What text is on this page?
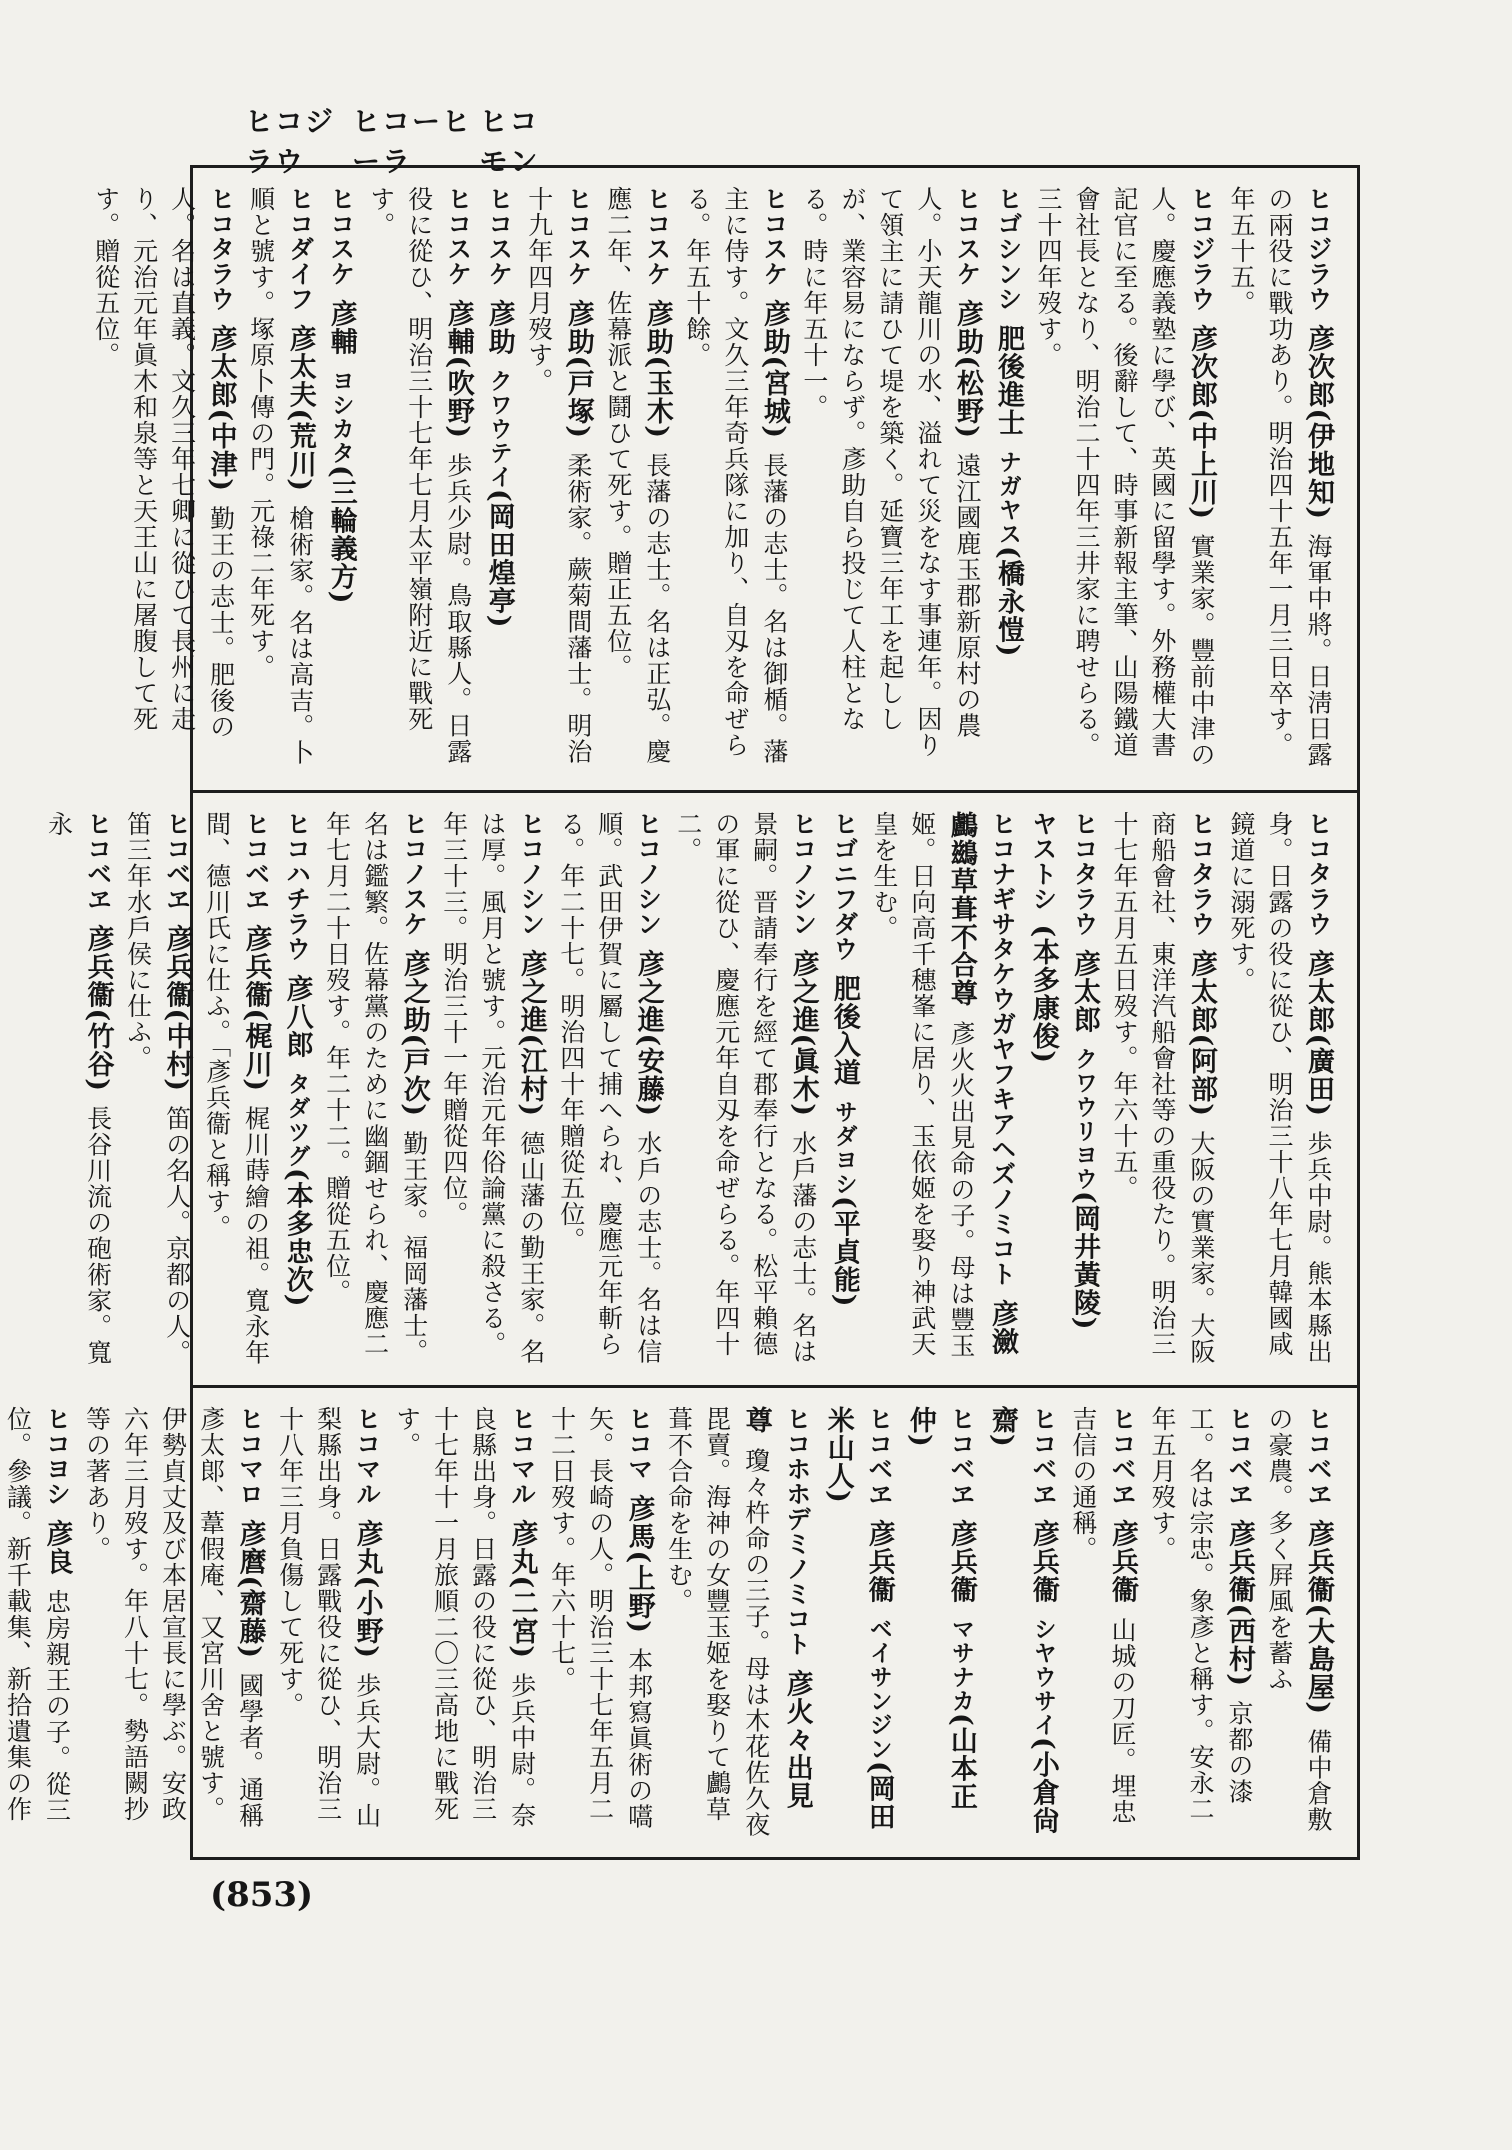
ヒコジラウ
ヒコーヒーラ
ヒコモン

ヒコジラウ 彦次郎(伊地知) 海軍中將。日淸日露の兩役に戰功あり。明治四十五年一月三日卒す。年五十五。

ヒコジラウ 彦次郎(中上川) 實業家。豐前中津の人。慶應義塾に學び、英國に留學す。外務權大書記官に至る。後辭して、時事新報主筆、山陽鐵道會社長となり、明治二十四年三井家に聘せらる。三十四年歿す。

ヒゴシンシ 肥後進士 ナガヤス(橋永愷) 

ヒコスケ 彦助(松野) 遠江國鹿玉郡新原村の農人。小天龍川の水、溢れて災をなす事連年。因りて領主に請ひて堤を築く。延寶三年工を起ししが、業容易にならず。彥助自ら投じて人柱となる。時に年五十一。

ヒコスケ 彦助(宮城) 長藩の志士。名は御楯。藩主に侍す。文久三年奇兵隊に加り、自刄を命ぜらる。年五十餘。

ヒコスケ 彦助(玉木) 長藩の志士。名は正弘。慶應二年、佐幕派と鬪ひて死す。贈正五位。

ヒコスケ 彦助(戸塚) 柔術家。蕨菊間藩士。明治十九年四月歿す。

ヒコスケ 彦助 クワウテイ(岡田煌亭) 

ヒコスケ 彦輔(吹野) 歩兵少尉。鳥取縣人。日露役に從ひ、明治三十七年七月太平嶺附近に戰死す。

ヒコスケ 彦輔 ヨシカタ(三輪義方) 

ヒコダイフ 彦太夫(荒川) 槍術家。名は高吉。卜順と號す。塚原卜傳の門。元祿二年死す。

ヒコタラウ 彦太郎(中津) 勤王の志士。肥後の人。名は直義。文久三年七卿に從ひて長州に走り、元治元年眞木和泉等と天王山に屠腹して死す。贈從五位。

ヒコタラウ 彦太郎(廣田) 歩兵中尉。熊本縣出身。日露の役に從ひ、明治三十八年七月韓國咸鏡道に溺死す。

ヒコタラウ 彦太郎(阿部) 大阪の實業家。大阪商船會社、東洋汽船會社等の重役たり。明治三十七年五月五日歿す。年六十五。

ヒコタラウ 彦太郎 クワウリヨウ(岡井黃陵) 

ヤストシ (本多康俊) 

ヒコナギサタケウガヤフキアヘズノミコト 彦瀲鸕鷀草葺不合尊 彥火火出見命の子。母は豐玉姬。日向高千穗峯に居り、玉依姬を娶り神武天皇を生む。

ヒゴニフダウ 肥後入道 サダヨシ(平貞能) 

ヒコノシン 彦之進(眞木) 水戶藩の志士。名は景嗣。晋請奉行を經て郡奉行となる。松平賴德の軍に從ひ、慶應元年自刄を命ぜらる。年四十二。

ヒコノシン 彦之進(安藤) 水戶の志士。名は信順。武田伊賀に屬して捕へられ、慶應元年斬らる。年二十七。明治四十年贈從五位。

ヒコノシン 彦之進(江村) 德山藩の勤王家。名は厚。風月と號す。元治元年俗論黨に殺さる。年三十三。明治三十一年贈從四位。

ヒコノスケ 彦之助(戸次) 勤王家。福岡藩士。名は鑑繁。佐幕黨のために幽錮せられ、慶應二年七月二十日歿す。年二十二。贈從五位。

ヒコハチラウ 彦八郎 タダツグ(本多忠次) 

ヒコベヱ 彦兵衞(梶川) 梶川蒔繪の祖。寬永年間、德川氏に仕ふ。「彥兵衞と稱す。

ヒコベヱ 彦兵衞(中村) 笛の名人。京都の人。笛三年水戶侯に仕ふ。

ヒコベヱ 彦兵衞(竹谷) 長谷川流の砲術家。寬永

ヒコベヱ 彦兵衞(大島屋) 備中倉敷の豪農。多く屛風を蓄ふ

ヒコベヱ 彦兵衞(西村) 京都の漆工。名は宗忠。象彥と稱す。安永二年五月歿す。

ヒコベヱ 彦兵衞 山城の刀匠。埋忠吉信の通稱。

ヒコベヱ 彦兵衞 シヤウサイ(小倉尙齋) 

ヒコベヱ 彦兵衞 マサナカ(山本正仲) 

ヒコベヱ 彦兵衞 ベイサンジン(岡田米山人) 

ヒコホホデミノミコト 彦火々出見尊 瓊々杵命の三子。母は木花佐久夜毘賣。海神の女豐玉姬を娶りて鸕草葺不合命を生む。

ヒコマ 彦馬(上野) 本邦寫眞術の嚆矢。長崎の人。明治三十七年五月二十二日歿す。年六十七。

ヒコマル 彦丸(二宮) 歩兵中尉。奈良縣出身。日露の役に從ひ、明治三十七年十一月旅順二〇三高地に戰死す。

ヒコマル 彦丸(小野) 歩兵大尉。山梨縣出身。日露戰役に從ひ、明治三十八年三月負傷して死す。

ヒコマロ 彦麿(齋藤) 國學者。通稱彥太郞、葦假庵、又宮川舍と號す。伊勢貞丈及び本居宣長に學ぶ。安政六年三月歿す。年八十七。勢語闕抄等の著あり。

ヒコヨシ 彦良 忠房親王の子。從三位。參議。新千載集、新拾遺集の作

(853)
